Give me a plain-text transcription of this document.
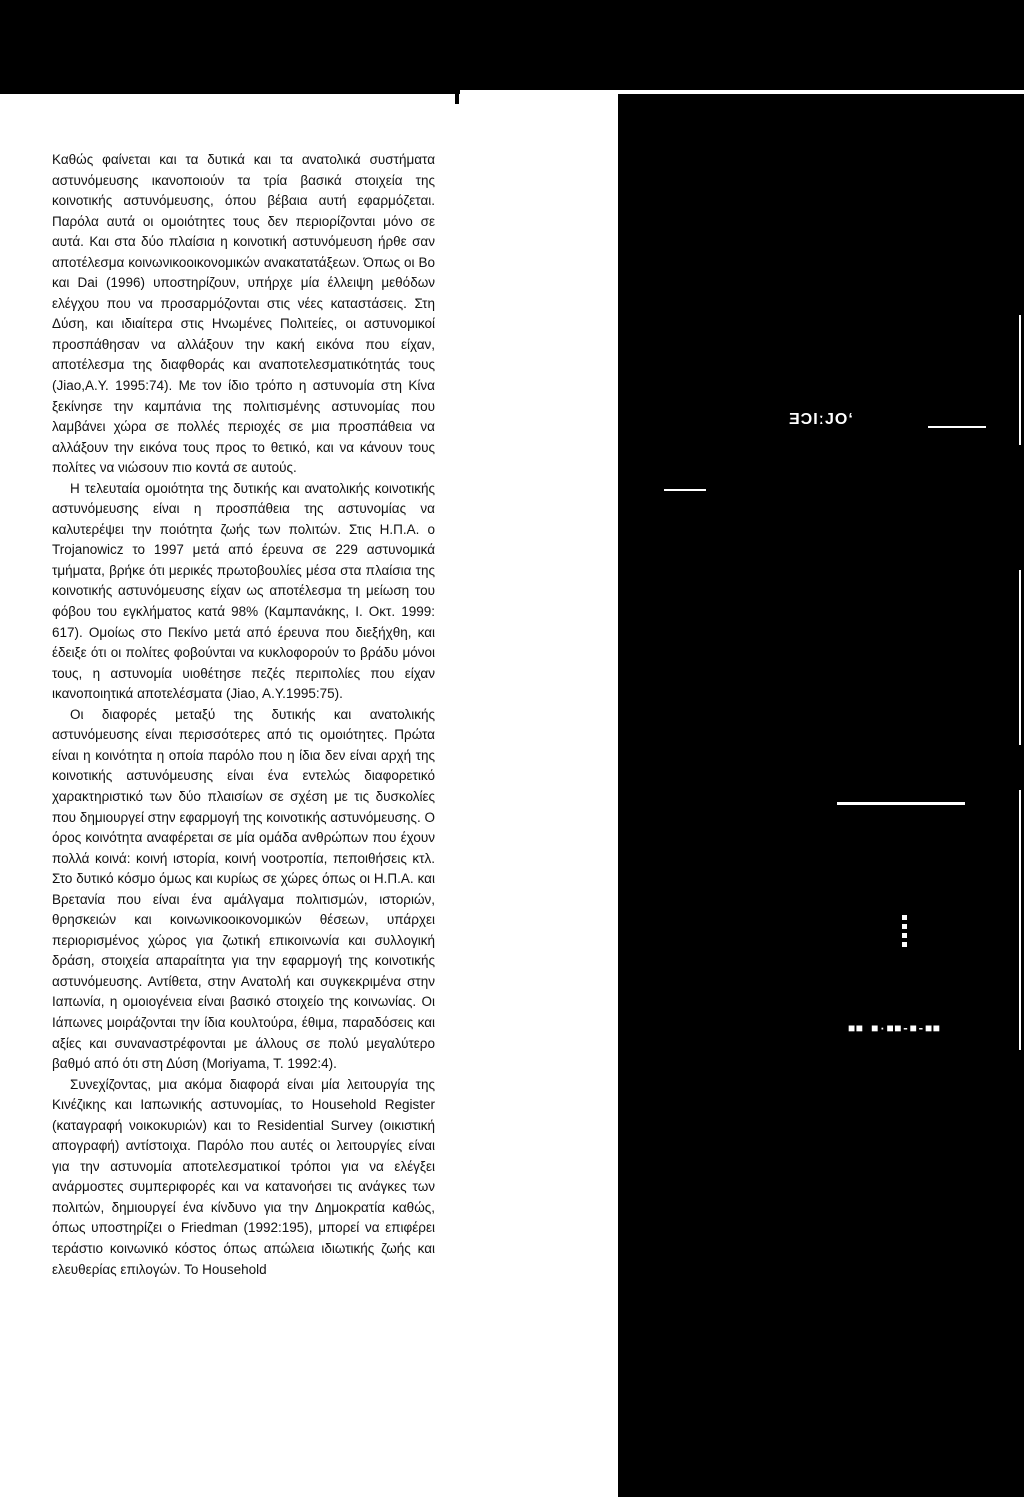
Καθώς φαίνεται και τα δυτικά και τα ανατολικά συστήματα αστυνόμευσης ικανοποιούν τα τρία βασικά στοιχεία της κοινοτικής αστυνόμευσης, όπου βέβαια αυτή εφαρμόζεται. Παρόλα αυτά οι ομοιότητες τους δεν περιορίζονται μόνο σε αυτά. Και στα δύο πλαίσια η κοινοτική αστυνόμευση ήρθε σαν αποτέλεσμα κοινωνικοοικονομικών ανακατατάξεων. Όπως οι Bo και Dai (1996) υποστηρίζουν, υπήρχε μία έλλειψη μεθόδων ελέγχου που να προσαρμόζονται στις νέες καταστάσεις. Στη Δύση, και ιδιαίτερα στις Ηνωμένες Πολιτείες, οι αστυνομικοί προσπάθησαν να αλλάξουν την κακή εικόνα που είχαν, αποτέλεσμα της διαφθοράς και αναποτελεσματικότητάς τους (Jiao,A.Y. 1995:74). Με τον ίδιο τρόπο η αστυνομία στη Κίνα ξεκίνησε την καμπάνια της πολιτισμένης αστυνομίας που λαμβάνει χώρα σε πολλές περιοχές σε μια προσπάθεια να αλλάξουν την εικόνα τους προς το θετικό, και να κάνουν τους πολίτες να νιώσουν πιο κοντά σε αυτούς.

Η τελευταία ομοιότητα της δυτικής και ανατολικής κοινοτικής αστυνόμευσης είναι η προσπάθεια της αστυνομίας να καλυτερέψει την ποιότητα ζωής των πολιτών. Στις Η.Π.Α. ο Trojanowicz το 1997 μετά από έρευνα σε 229 αστυνομικά τμήματα, βρήκε ότι μερικές πρωτοβουλίες μέσα στα πλαίσια της κοινοτικής αστυνόμευσης είχαν ως αποτέλεσμα τη μείωση του φόβου του εγκλήματος κατά 98% (Καμπανάκης, Ι. Οκτ. 1999: 617). Ομοίως στο Πεκίνο μετά από έρευνα που διεξήχθη, και έδειξε ότι οι πολίτες φοβούνται να κυκλοφορούν το βράδυ μόνοι τους, η αστυνομία υιοθέτησε πεζές περιπολίες που είχαν ικανοποιητικά αποτελέσματα (Jiao, A.Y.1995:75).

Οι διαφορές μεταξύ της δυτικής και ανατολικής αστυνόμευσης είναι περισσότερες από τις ομοιότητες. Πρώτα είναι η κοινότητα η οποία παρόλο που η ίδια δεν είναι αρχή της κοινοτικής αστυνόμευσης είναι ένα εντελώς διαφορετικό χαρακτηριστικό των δύο πλαισίων σε σχέση με τις δυσκολίες που δημιουργεί στην εφαρμογή της κοινοτικής αστυνόμευσης. Ο όρος κοινότητα αναφέρεται σε μία ομάδα ανθρώπων που έχουν πολλά κοινά: κοινή ιστορία, κοινή νοοτροπία, πεποιθήσεις κτλ. Στο δυτικό κόσμο όμως και κυρίως σε χώρες όπως οι Η.Π.Α. και Βρετανία που είναι ένα αμάλγαμα πολιτισμών, ιστοριών, θρησκειών και κοινωνικοοικονομικών θέσεων, υπάρχει περιορισμένος χώρος για ζωτική επικοινωνία και συλλογική δράση, στοιχεία απαραίτητα για την εφαρμογή της κοινοτικής αστυνόμευσης. Αντίθετα, στην Ανατολή και συγκεκριμένα στην Ιαπωνία, η ομοιογένεια είναι βασικό στοιχείο της κοινωνίας. Οι Ιάπωνες μοιράζονται την ίδια κουλτούρα, έθιμα, παραδόσεις και αξίες και συναναστρέφονται με άλλους σε πολύ μεγαλύτερο βαθμό από ότι στη Δύση (Moriyama, T. 1992:4).

Συνεχίζοντας, μια ακόμα διαφορά είναι μία λειτουργία της Κινέζικης και Ιαπωνικής αστυνομίας, το Household Register (καταγραφή νοικοκυριών) και το Residential Survey (οικιστική απογραφή) αντίστοιχα. Παρόλο που αυτές οι λειτουργίες είναι για την αστυνομία αποτελεσματικοί τρόποι για να ελέγξει ανάρμοστες συμπεριφορές και να κατανοήσει τις ανάγκες των πολιτών, δημιουργεί ένα κίνδυνο για την Δημοκρατία καθώς, όπως υποστηρίζει ο Friedman (1992:195), μπορεί να επιφέρει τεράστιο κοινωνικό κόστος όπως απώλεια ιδιωτικής ζωής και ελευθερίας επιλογών. Το Household

ƎϽIːJO‘
■■ ■·■■-■-■■
